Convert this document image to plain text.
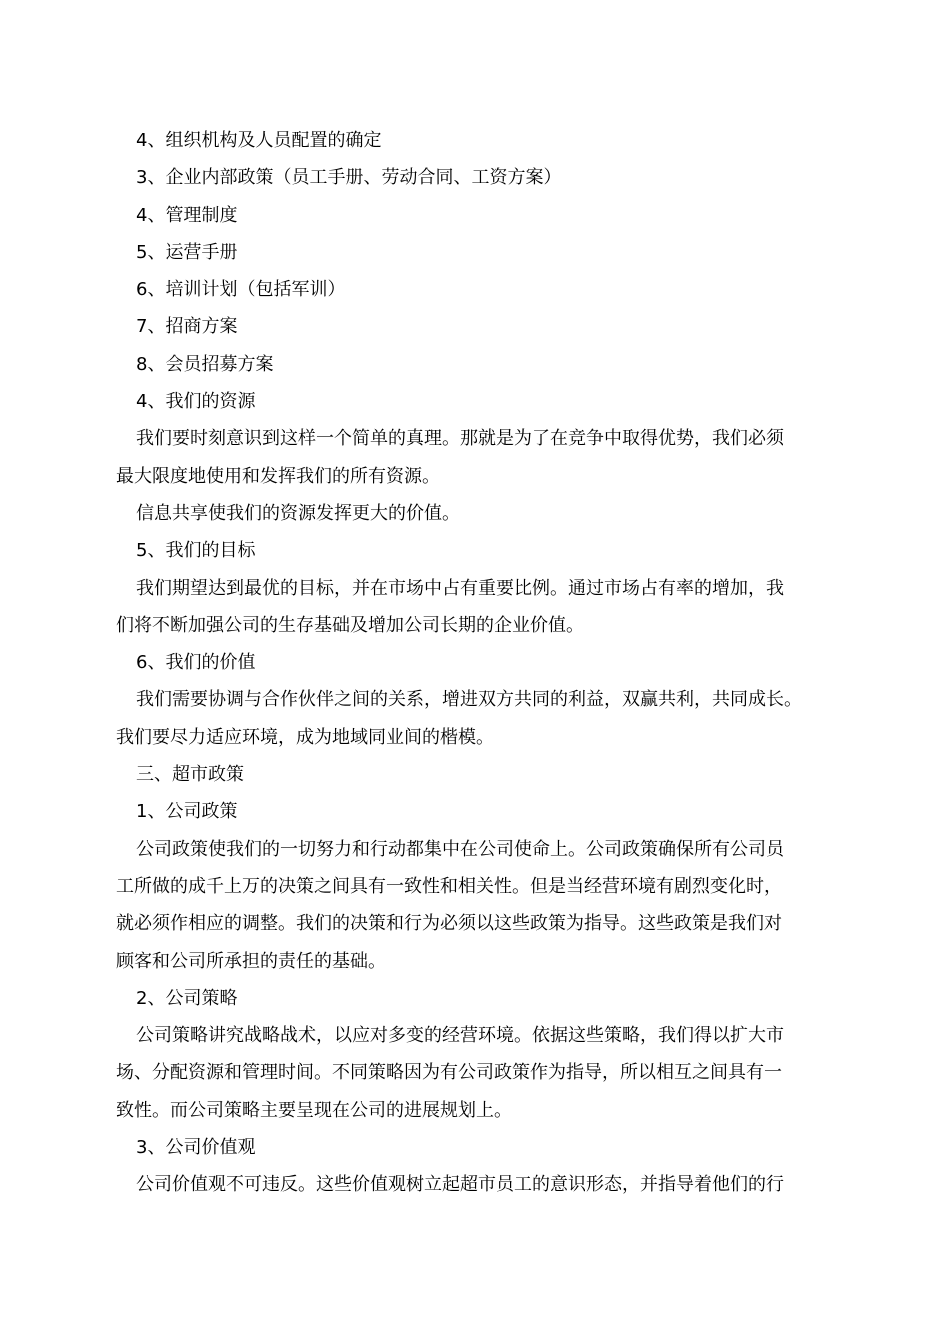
4、组织机构及人员配置的确定
3、企业内部政策（员工手册、劳动合同、工资方案）
4、管理制度
5、运营手册
6、培训计划（包括军训）
7、招商方案
8、会员招募方案
4、我们的资源
我们要时刻意识到这样一个简单的真理。那就是为了在竞争中取得优势，我们必须
最大限度地使用和发挥我们的所有资源。
信息共享使我们的资源发挥更大的价值。
5、我们的目标
我们期望达到最优的目标，并在市场中占有重要比例。通过市场占有率的增加，我
们将不断加强公司的生存基础及增加公司长期的企业价值。
6、我们的价值
我们需要协调与合作伙伴之间的关系，增进双方共同的利益，双赢共利，共同成长。
我们要尽力适应环境，成为地域同业间的楷模。
三、超市政策
1、公司政策
公司政策使我们的一切努力和行动都集中在公司使命上。公司政策确保所有公司员
工所做的成千上万的决策之间具有一致性和相关性。但是当经营环境有剧烈变化时，
就必须作相应的调整。我们的决策和行为必须以这些政策为指导。这些政策是我们对
顾客和公司所承担的责任的基础。
2、公司策略
公司策略讲究战略战术，以应对多变的经营环境。依据这些策略，我们得以扩大市
场、分配资源和管理时间。不同策略因为有公司政策作为指导，所以相互之间具有一
致性。而公司策略主要呈现在公司的进展规划上。
3、公司价值观
公司价值观不可违反。这些价值观树立起超市员工的意识形态，并指导着他们的行
